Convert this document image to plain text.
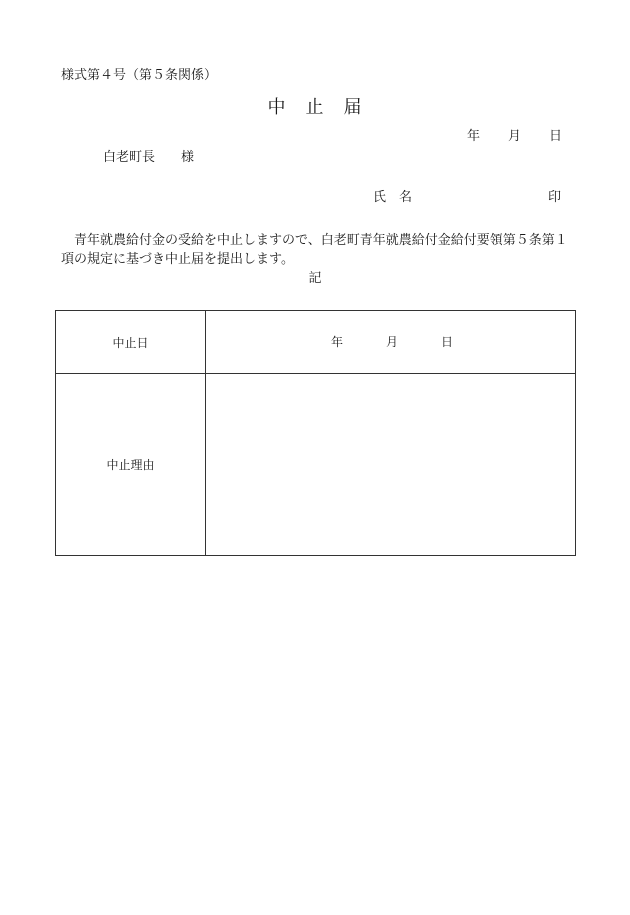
様式第４号（第５条関係）
中　止　届
年 月 日
白老町長　　様
氏　名	印
青年就農給付金の受給を中止しますので、白老町青年就農給付金給付要領第５条第１項の規定に基づき中止届を提出します。
記
中止日	年	月	日
中止理由
